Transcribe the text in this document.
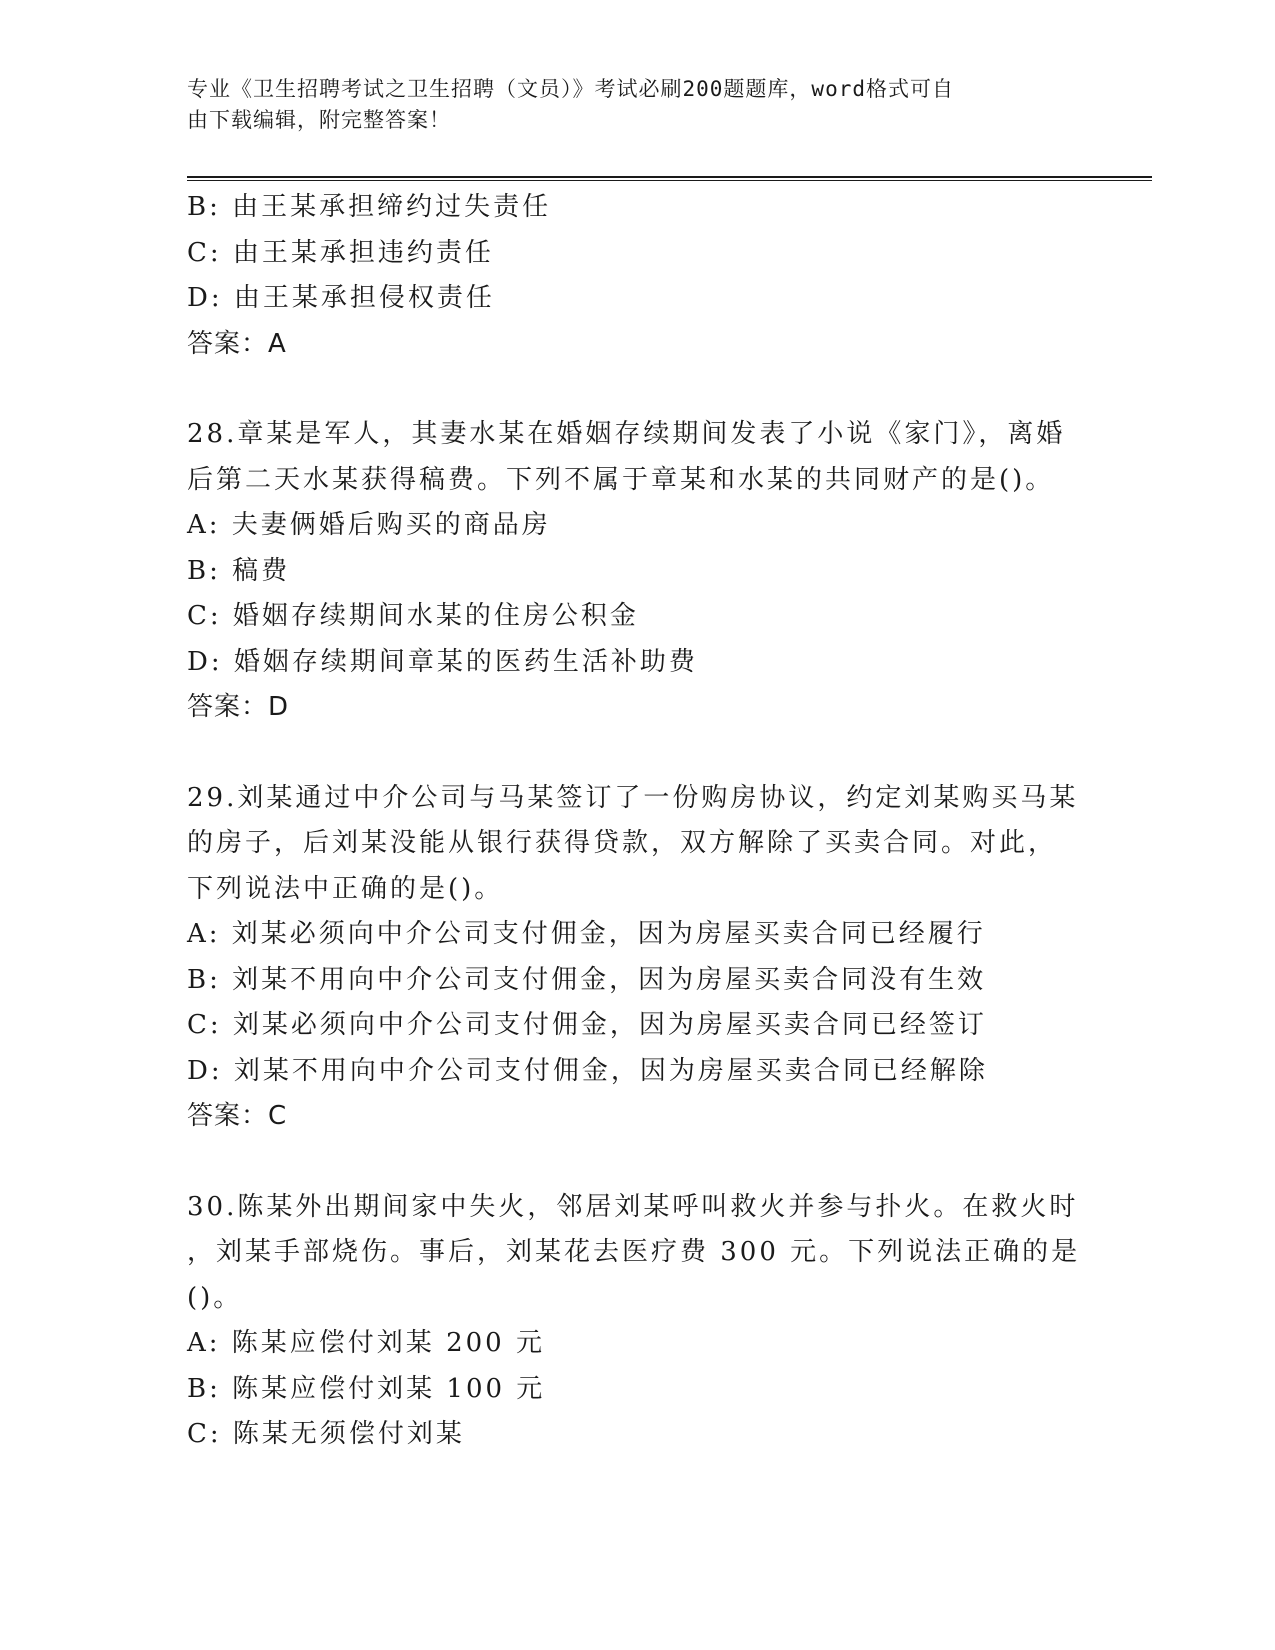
专业《卫生招聘考试之卫生招聘（文员）》考试必刷200题题库，word格式可自
由下载编辑，附完整答案！
B: 由王某承担缔约过失责任
C: 由王某承担违约责任
D: 由王某承担侵权责任
答案：A
28.章某是军人，其妻水某在婚姻存续期间发表了小说《家门》，离婚
后第二天水某获得稿费。下列不属于章某和水某的共同财产的是()。
A: 夫妻俩婚后购买的商品房
B: 稿费
C: 婚姻存续期间水某的住房公积金
D: 婚姻存续期间章某的医药生活补助费
答案：D
29.刘某通过中介公司与马某签订了一份购房协议，约定刘某购买马某
的房子，后刘某没能从银行获得贷款，双方解除了买卖合同。对此，
下列说法中正确的是()。
A: 刘某必须向中介公司支付佣金，因为房屋买卖合同已经履行
B: 刘某不用向中介公司支付佣金，因为房屋买卖合同没有生效
C: 刘某必须向中介公司支付佣金，因为房屋买卖合同已经签订
D: 刘某不用向中介公司支付佣金，因为房屋买卖合同已经解除
答案：C
30.陈某外出期间家中失火，邻居刘某呼叫救火并参与扑火。在救火时
，刘某手部烧伤。事后，刘某花去医疗费 300 元。下列说法正确的是
()。
A: 陈某应偿付刘某 200 元
B: 陈某应偿付刘某 100 元
C: 陈某无须偿付刘某
